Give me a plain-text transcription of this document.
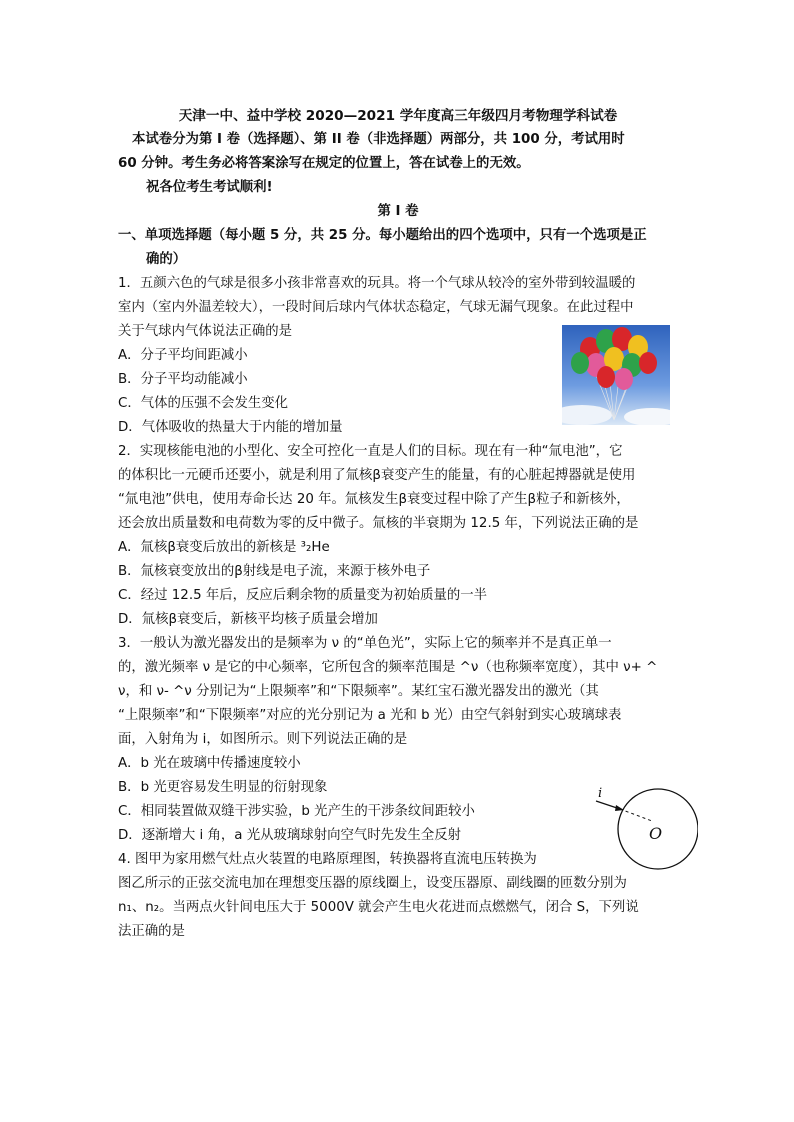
天津一中、益中学校 2020—2021 学年度高三年级四月考物理学科试卷
本试卷分为第 I 卷（选择题）、第 II 卷（非选择题）两部分，共 100 分，考试用时
60 分钟。考生务必将答案涂写在规定的位置上，答在试卷上的无效。
祝各位考生考试顺利!
第 I 卷
一、单项选择题（每小题 5 分，共 25 分。每小题给出的四个选项中，只有一个选项是正
确的）
1．五颜六色的气球是很多小孩非常喜欢的玩具。将一个气球从较冷的室外带到较温暖的
室内（室内外温差较大），一段时间后球内气体状态稳定，气球无漏气现象。在此过程中
关于气球内气体说法正确的是
A．分子平均间距减小
B．分子平均动能减小
C．气体的压强不会发生变化
D．气体吸收的热量大于内能的增加量
2．实现核能电池的小型化、安全可控化一直是人们的目标。现在有一种“氚电池”，它
的体积比一元硬币还要小，就是利用了氚核β衰变产生的能量，有的心脏起搏器就是使用
“氚电池”供电，使用寿命长达 20 年。氚核发生β衰变过程中除了产生β粒子和新核外，
还会放出质量数和电荷数为零的反中微子。氚核的半衰期为 12.5 年，下列说法正确的是
A．氚核β衰变后放出的新核是 ³₂He
B．氚核衰变放出的β射线是电子流，来源于核外电子
C．经过 12.5 年后，反应后剩余物的质量变为初始质量的一半
D．氚核β衰变后，新核平均核子质量会增加
3．一般认为激光器发出的是频率为 ν 的“单色光”，实际上它的频率并不是真正单一
的，激光频率 ν 是它的中心频率，它所包含的频率范围是 ^ν（也称频率宽度），其中 ν+ ^
ν，和 ν- ^ν 分别记为“上限频率”和“下限频率”。某红宝石激光器发出的激光（其
“上限频率”和“下限频率”对应的光分别记为 a 光和 b 光）由空气斜射到实心玻璃球表
面，入射角为 i，如图所示。则下列说法正确的是
A．b 光在玻璃中传播速度较小
B．b 光更容易发生明显的衍射现象
C．相同装置做双缝干涉实验，b 光产生的干涉条纹间距较小
D．逐渐增大 i 角，a 光从玻璃球射向空气时先发生全反射
4. 图甲为家用燃气灶点火装置的电路原理图，转换器将直流电压转换为
图乙所示的正弦交流电加在理想变压器的原线圈上，设变压器原、副线圈的匝数分别为
n₁、n₂。当两点火针间电压大于 5000V 就会产生电火花进而点燃燃气，闭合 S，下列说
法正确的是
i
O
